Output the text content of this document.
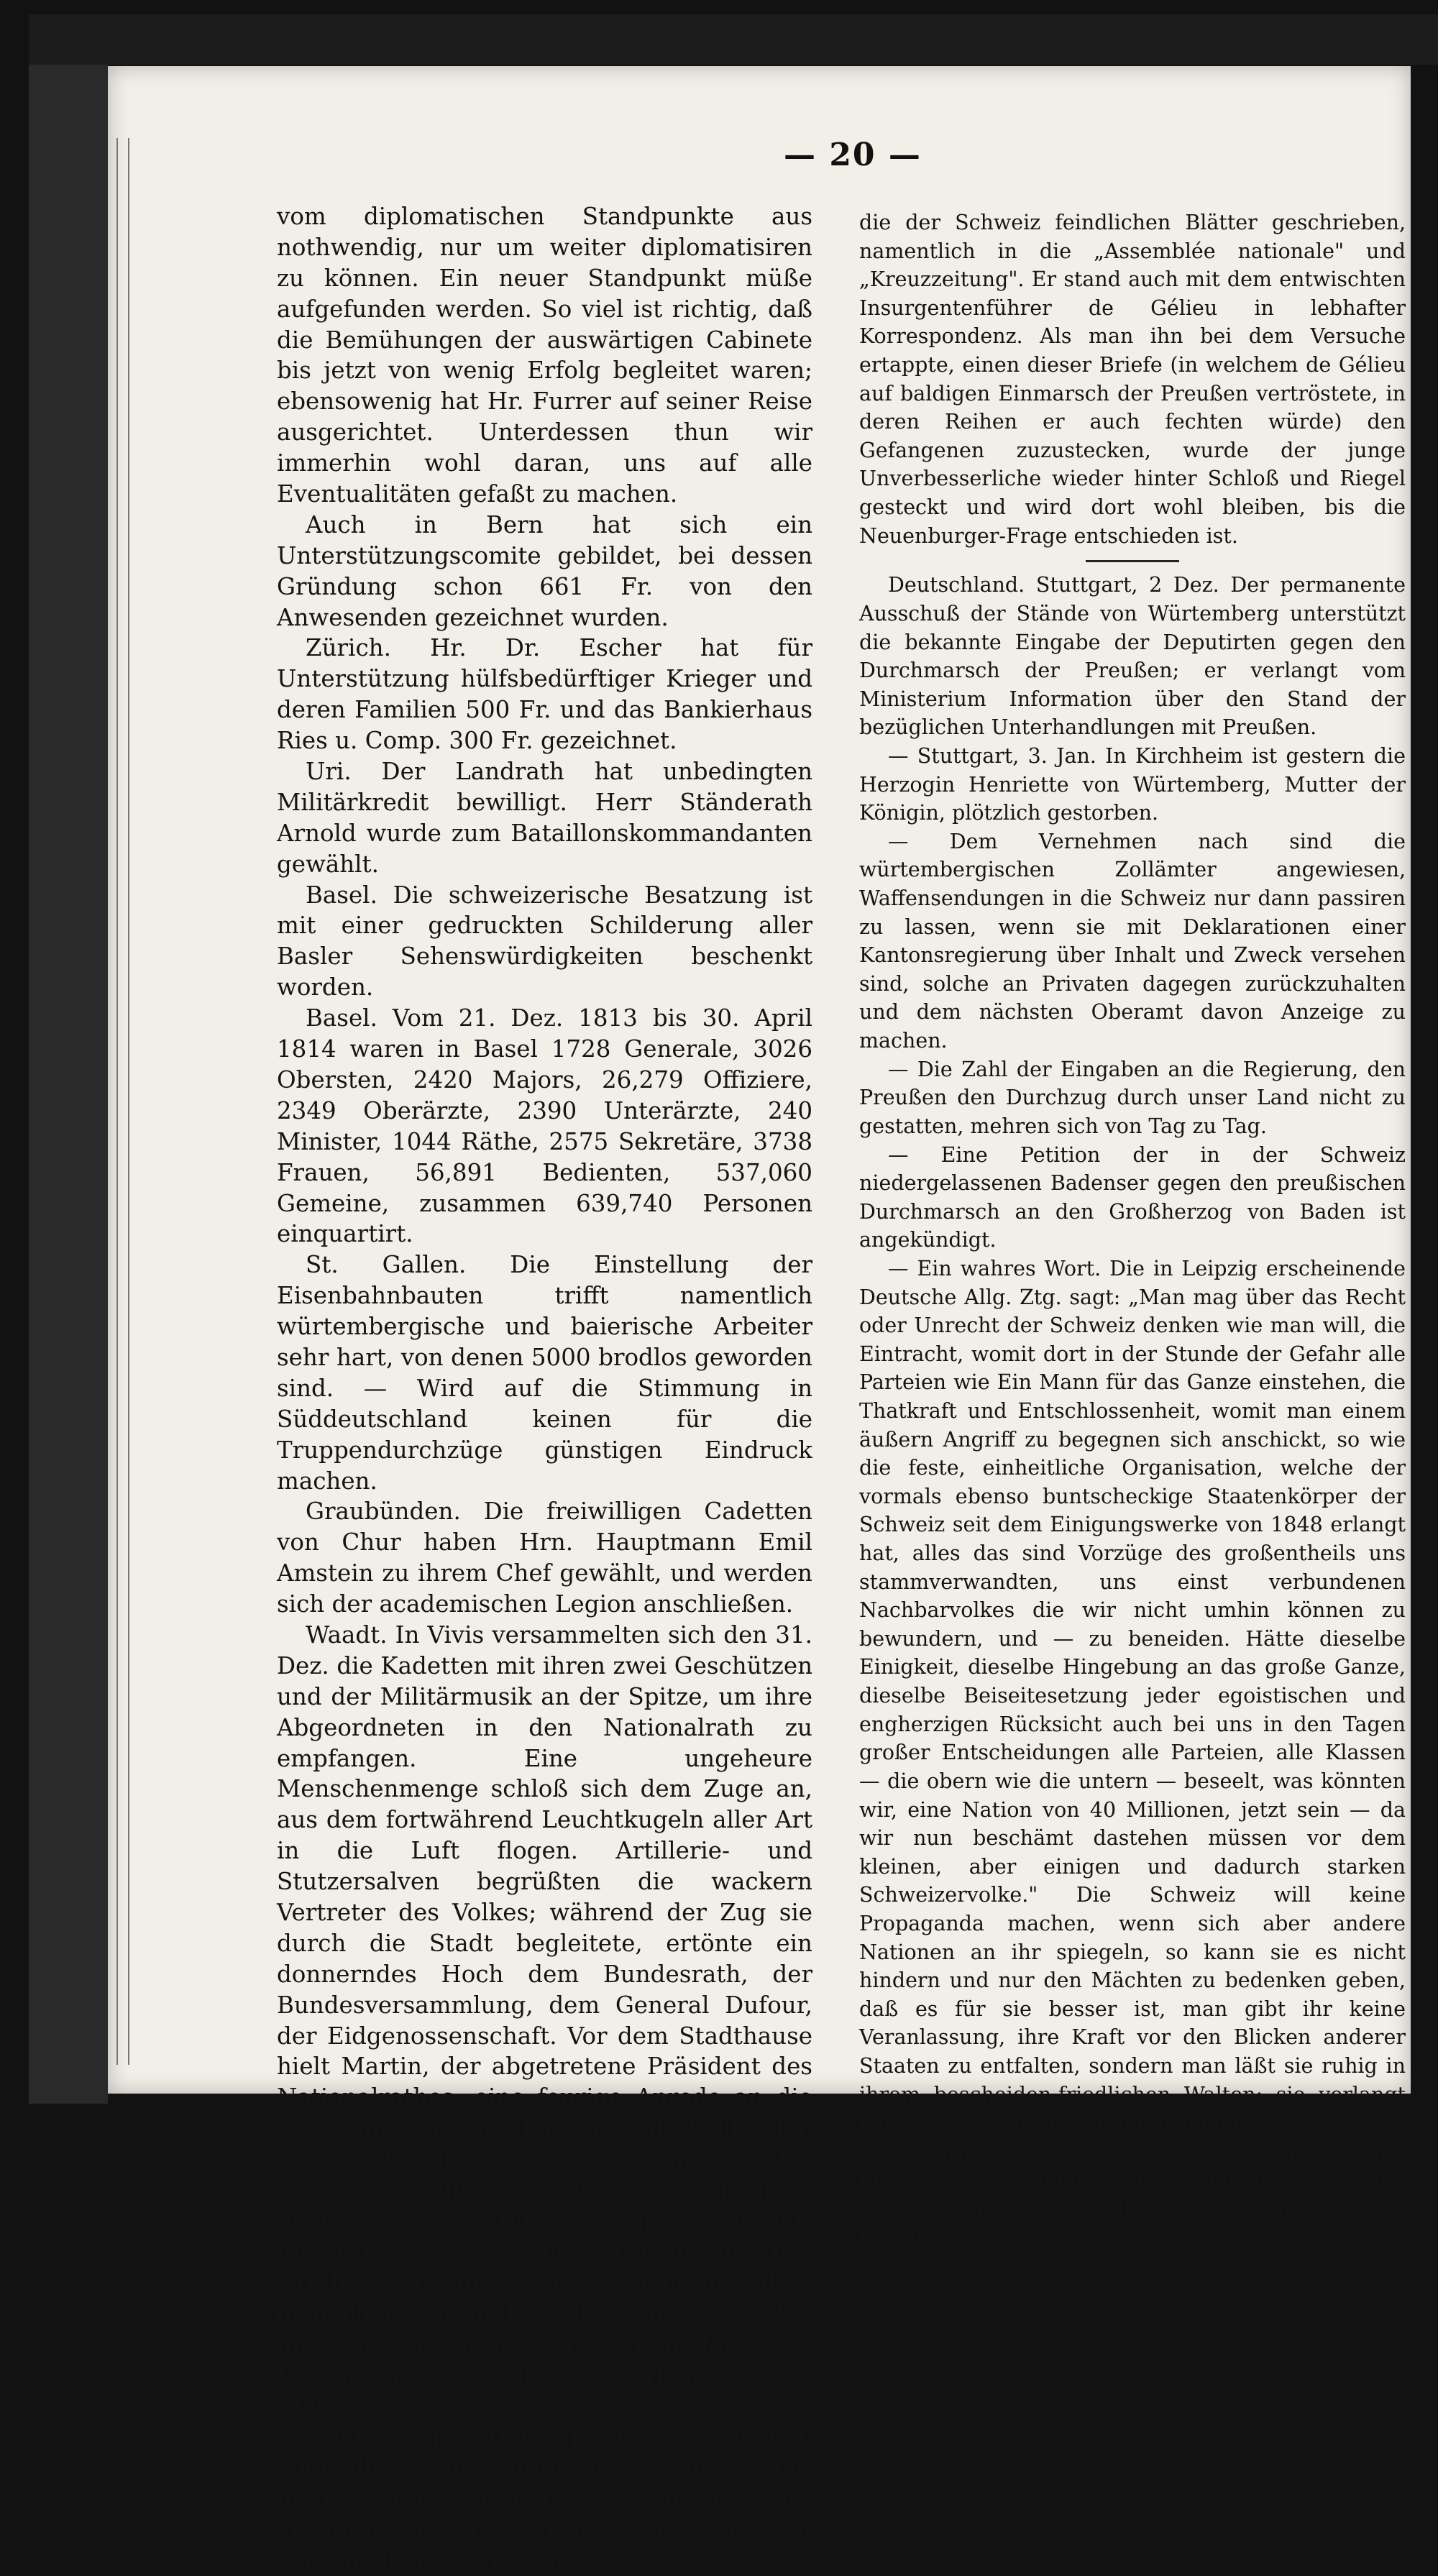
— 20 —

vom diplomatischen Standpunkte aus nothwendig, nur um weiter diplomatisiren zu können. Ein neuer Standpunkt müße aufgefunden werden. So viel ist richtig, daß die Bemühungen der auswärtigen Cabinete bis jetzt von wenig Erfolg begleitet waren; ebensowenig hat Hr. Furrer auf seiner Reise ausgerichtet. Unterdessen thun wir immerhin wohl daran, uns auf alle Eventualitäten gefaßt zu machen.

Auch in Bern hat sich ein Unterstützungscomite gebildet, bei dessen Gründung schon 661 Fr. von den Anwesenden gezeichnet wurden.

Zürich. Hr. Dr. Escher hat für Unterstützung hülfsbedürftiger Krieger und deren Familien 500 Fr. und das Bankierhaus Ries u. Comp. 300 Fr. gezeichnet.

Uri. Der Landrath hat unbedingten Militärkredit bewilligt. Herr Ständerath Arnold wurde zum Bataillonskommandanten gewählt.

Basel. Die schweizerische Besatzung ist mit einer gedruckten Schilderung aller Basler Sehenswürdigkeiten beschenkt worden.

Basel. Vom 21. Dez. 1813 bis 30. April 1814 waren in Basel 1728 Generale, 3026 Obersten, 2420 Majors, 26,279 Offiziere, 2349 Oberärzte, 2390 Unterärzte, 240 Minister, 1044 Räthe, 2575 Sekretäre, 3738 Frauen, 56,891 Bedienten, 537,060 Gemeine, zusammen 639,740 Personen einquartirt.

St. Gallen. Die Einstellung der Eisenbahnbauten trifft namentlich würtembergische und baierische Arbeiter sehr hart, von denen 5000 brodlos geworden sind. — Wird auf die Stimmung in Süddeutschland keinen für die Truppendurchzüge günstigen Eindruck machen.

Graubünden. Die freiwilligen Cadetten von Chur haben Hrn. Hauptmann Emil Amstein zu ihrem Chef gewählt, und werden sich der academischen Legion anschließen.

Waadt. In Vivis versammelten sich den 31. Dez. die Kadetten mit ihren zwei Geschützen und der Militärmusik an der Spitze, um ihre Abgeordneten in den Nationalrath zu empfangen. Eine ungeheure Menschenmenge schloß sich dem Zuge an, aus dem fortwährend Leuchtkugeln aller Art in die Luft flogen. Artillerie- und Stutzersalven begrüßten die wackern Vertreter des Volkes; während der Zug sie durch die Stadt begleitete, ertönte ein donnerndes Hoch dem Bundesrath, der Bundesversammlung, dem General Dufour, der Eidgenossenschaft. Vor dem Stadthause hielt Martin, der abgetretene Präsident des Nationalrathes, eine feurige Anrede an die Versammlung, in der er mit treffenden Worten die allgemeine Hingebung für das Vaterland schilderte und ein dreimaliges donnerndes Hoch für die Eidgenossenschaft folgen ließ. Um 12 Uhr zog dann auch der Grütliverein, vom Cercle Leman und dem deutschen Verein begleitet, vor das Lokal und sie brachten den Vorkämpfern der Unabhängigkeit des Vaterlandes ein Ständchen.

Neuenburg. Der junge Wesdehlen, ebenfalls gegen Kaution in Freiheit gesetzt, hatte seither, statt diese Milde dankbar anzuerkennen, fortwährend aufreizende und verläumdende Artikel in

die der Schweiz feindlichen Blätter geschrieben, namentlich in die „Assemblée nationale" und „Kreuzzeitung". Er stand auch mit dem entwischten Insurgentenführer de Gélieu in lebhafter Korrespondenz. Als man ihn bei dem Versuche ertappte, einen dieser Briefe (in welchem de Gélieu auf baldigen Einmarsch der Preußen vertröstete, in deren Reihen er auch fechten würde) den Gefangenen zuzustecken, wurde der junge Unverbesserliche wieder hinter Schloß und Riegel gesteckt und wird dort wohl bleiben, bis die Neuenburger-Frage entschieden ist.

Deutschland. Stuttgart, 2 Dez. Der permanente Ausschuß der Stände von Würtemberg unterstützt die bekannte Eingabe der Deputirten gegen den Durchmarsch der Preußen; er verlangt vom Ministerium Information über den Stand der bezüglichen Unterhandlungen mit Preußen.

— Stuttgart, 3. Jan. In Kirchheim ist gestern die Herzogin Henriette von Würtemberg, Mutter der Königin, plötzlich gestorben.

— Dem Vernehmen nach sind die würtembergischen Zollämter angewiesen, Waffensendungen in die Schweiz nur dann passiren zu lassen, wenn sie mit Deklarationen einer Kantonsregierung über Inhalt und Zweck versehen sind, solche an Privaten dagegen zurückzuhalten und dem nächsten Oberamt davon Anzeige zu machen.

— Die Zahl der Eingaben an die Regierung, den Preußen den Durchzug durch unser Land nicht zu gestatten, mehren sich von Tag zu Tag.

— Eine Petition der in der Schweiz niedergelassenen Badenser gegen den preußischen Durchmarsch an den Großherzog von Baden ist angekündigt.

— Ein wahres Wort. Die in Leipzig erscheinende Deutsche Allg. Ztg. sagt: „Man mag über das Recht oder Unrecht der Schweiz denken wie man will, die Eintracht, womit dort in der Stunde der Gefahr alle Parteien wie Ein Mann für das Ganze einstehen, die Thatkraft und Entschlossenheit, womit man einem äußern Angriff zu begegnen sich anschickt, so wie die feste, einheitliche Organisation, welche der vormals ebenso buntscheckige Staatenkörper der Schweiz seit dem Einigungswerke von 1848 erlangt hat, alles das sind Vorzüge des großentheils uns stammverwandten, uns einst verbundenen Nachbarvolkes die wir nicht umhin können zu bewundern, und — zu beneiden. Hätte dieselbe Einigkeit, dieselbe Hingebung an das große Ganze, dieselbe Beiseitesetzung jeder egoistischen und engherzigen Rücksicht auch bei uns in den Tagen großer Entscheidungen alle Parteien, alle Klassen — die obern wie die untern — beseelt, was könnten wir, eine Nation von 40 Millionen, jetzt sein — da wir nun beschämt dastehen müssen vor dem kleinen, aber einigen und dadurch starken Schweizervolke." Die Schweiz will keine Propaganda machen, wenn sich aber andere Nationen an ihr spiegeln, so kann sie es nicht hindern und nur den Mächten zu bedenken geben, daß es für sie besser ist, man gibt ihr keine Veranlassung, ihre Kraft vor den Blicken anderer Staaten zu entfalten, sondern man läßt sie ruhig in ihrem bescheiden-friedlichen Walten; sie verlangt nach keiner andern Geltendmachung.

— Darmstadt, 30. Dez. Die Selbstmorde fangen hier an so gewöhnlich zu werden, daß sie kaum noch erwähnt werden. Dieser Tage erhing sich der Pedell der
